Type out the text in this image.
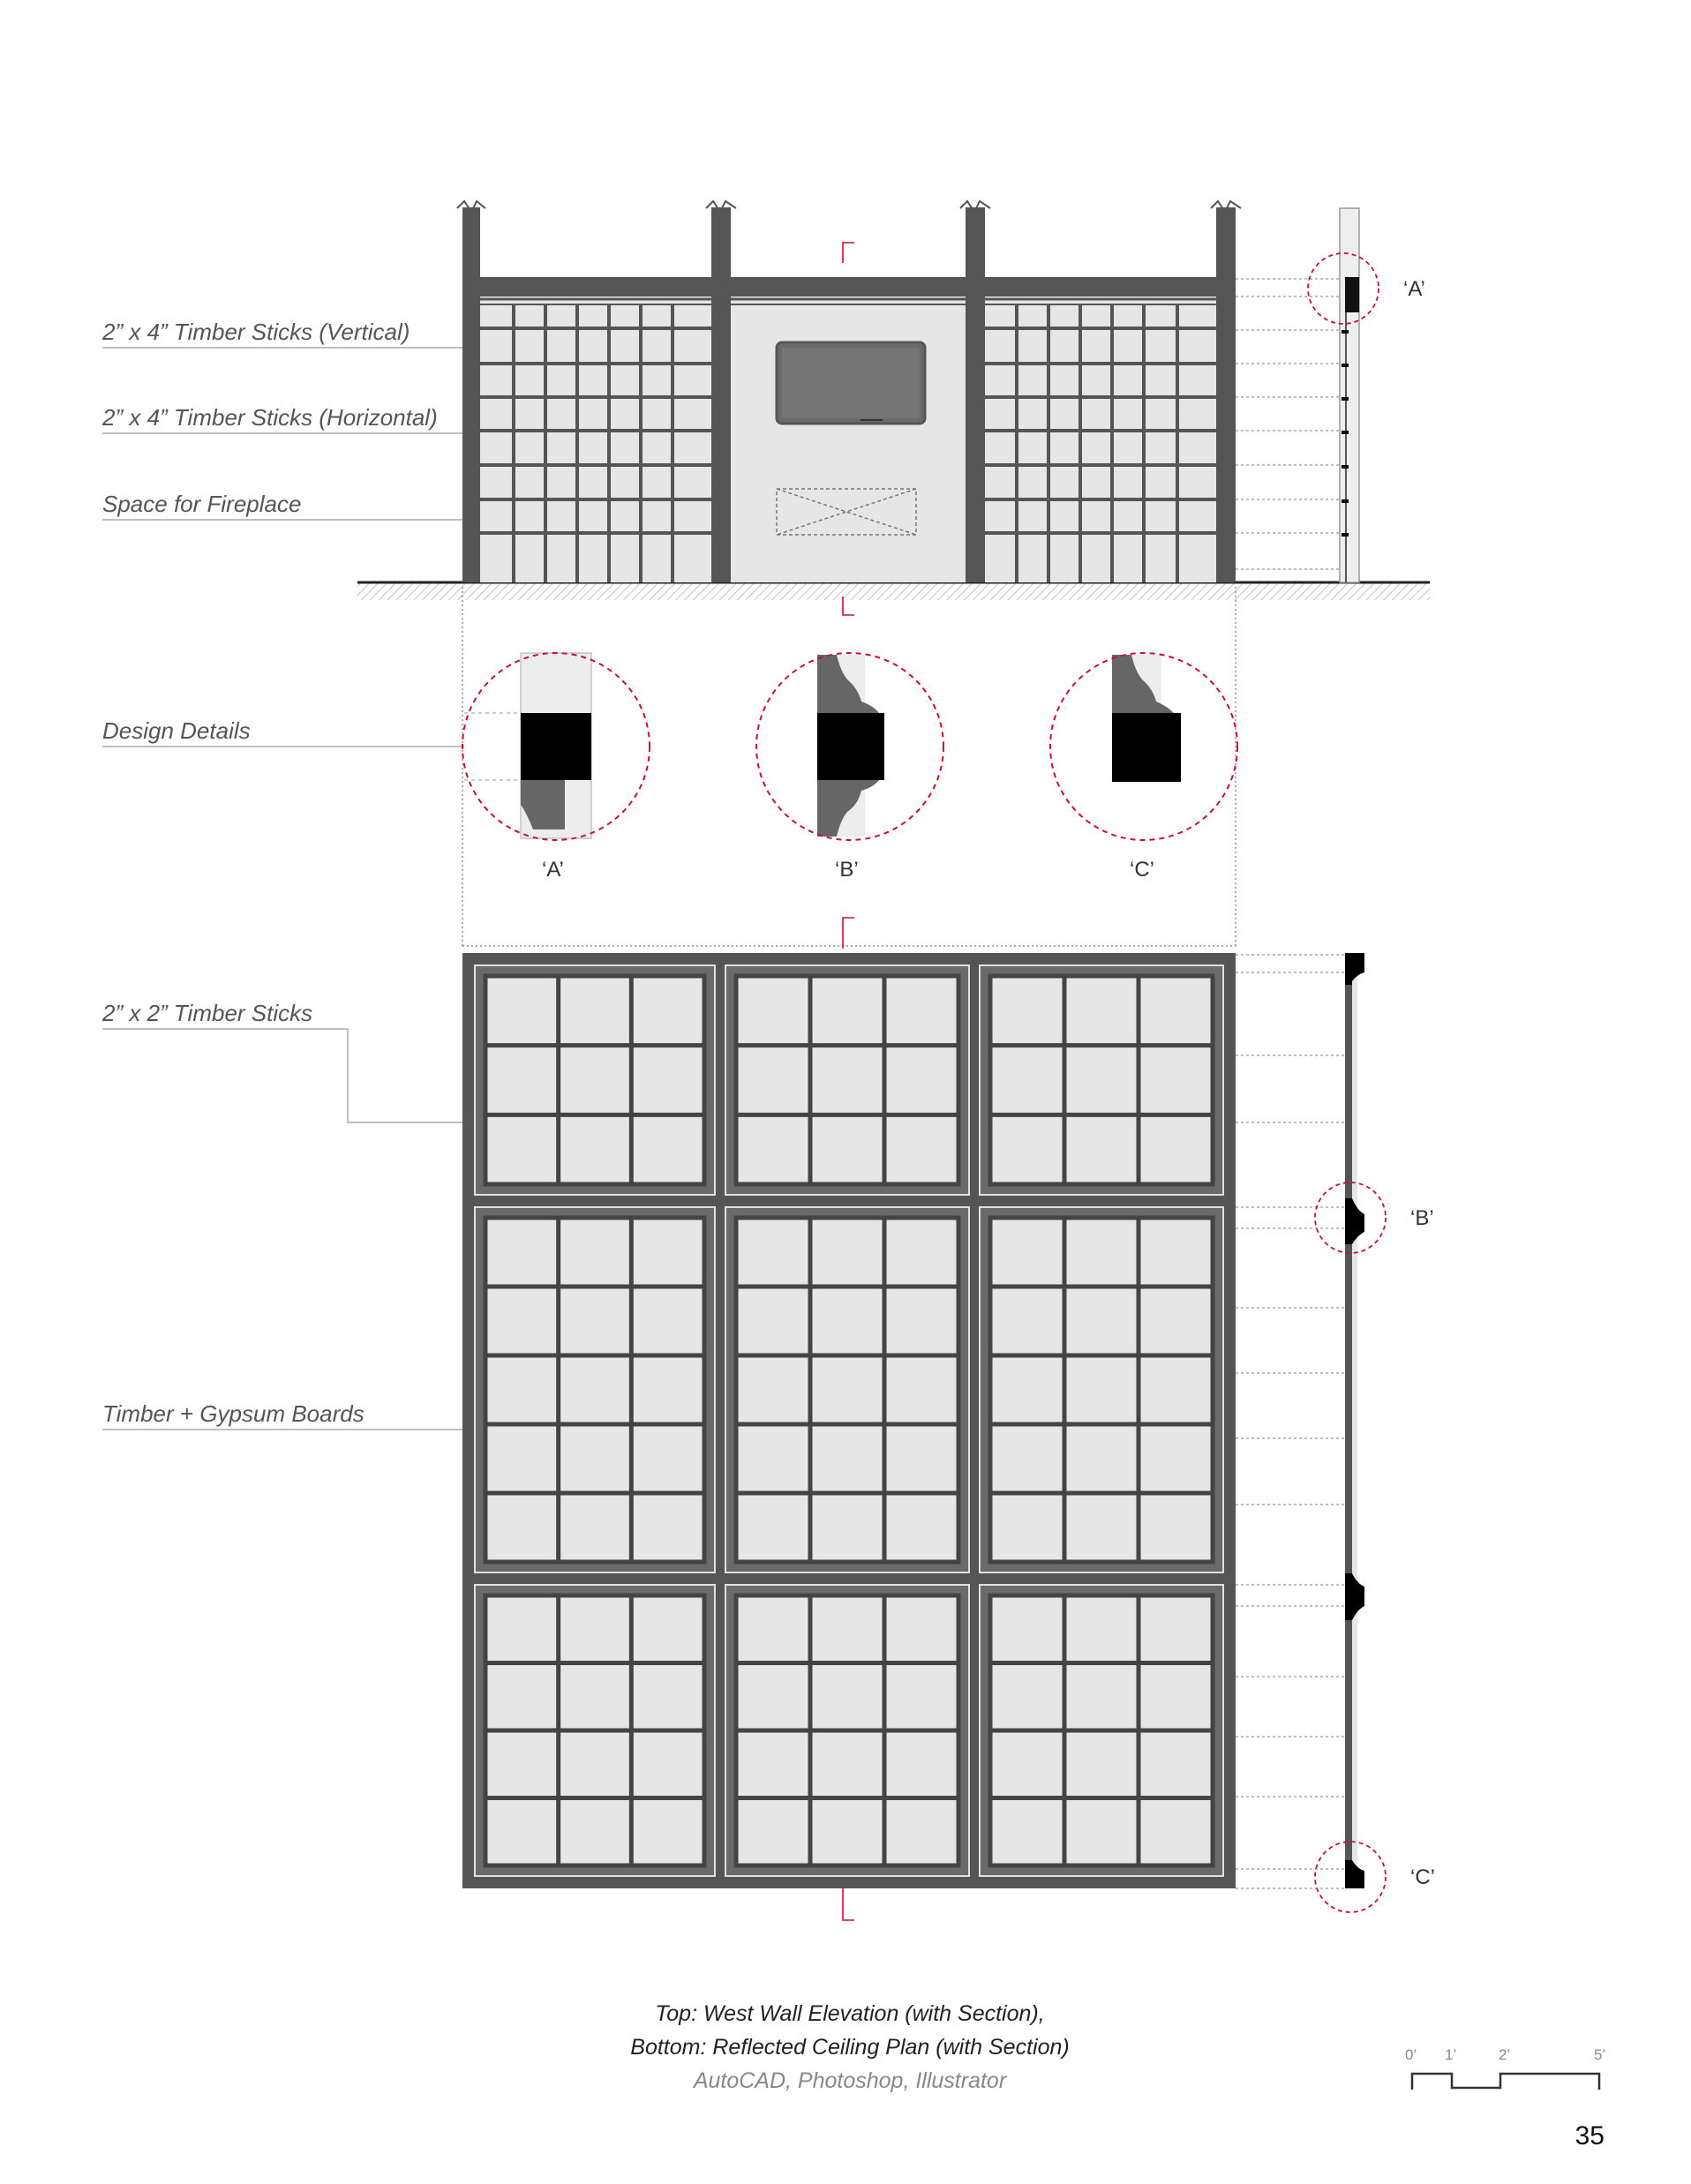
2” x 4” Timber Sticks (Vertical)
2” x 4” Timber Sticks (Horizontal)
Space for Fireplace
Design Details
2” x 2” Timber Sticks
Timber + Gypsum Boards
‘A’
‘A’	‘B’	‘C’
‘B’
‘C’
Top: West Wall Elevation (with Section),
Bottom: Reflected Ceiling Plan (with Section)
AutoCAD, Photoshop, Illustrator
0’ 1’	2’	5’
35
